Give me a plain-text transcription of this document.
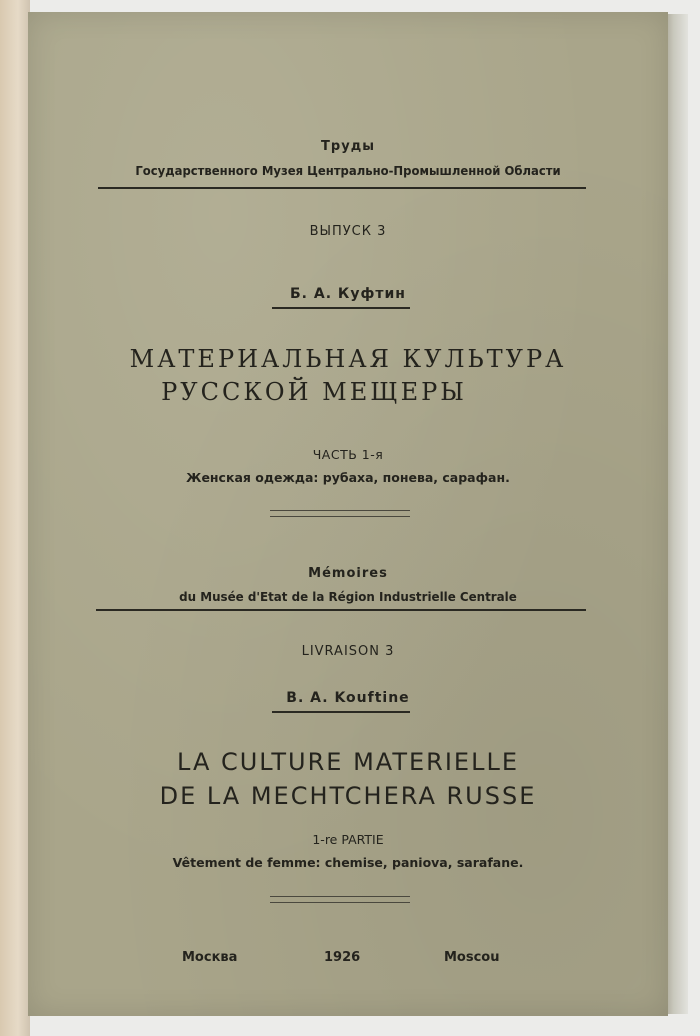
Труды
Государственного Музея Центрально-Промышленной Области
ВЫПУСК 3
Б. А. Куфтин
МАТЕРИАЛЬНАЯ КУЛЬТУРА
РУССКОЙ МЕЩЕРЫ
ЧАСТЬ 1-я
Женская одежда: рубаха, понева, сарафан.
Mémoires
du Musée d'Etat de la Région Industrielle Centrale
LIVRAISON 3
B. A. Kouftine
LA CULTURE MATERIELLE
DE LA MECHTCHERA RUSSE
1-re PARTIE
Vêtement de femme: chemise, paniova, sarafane.
Москва	1926	Moscou
